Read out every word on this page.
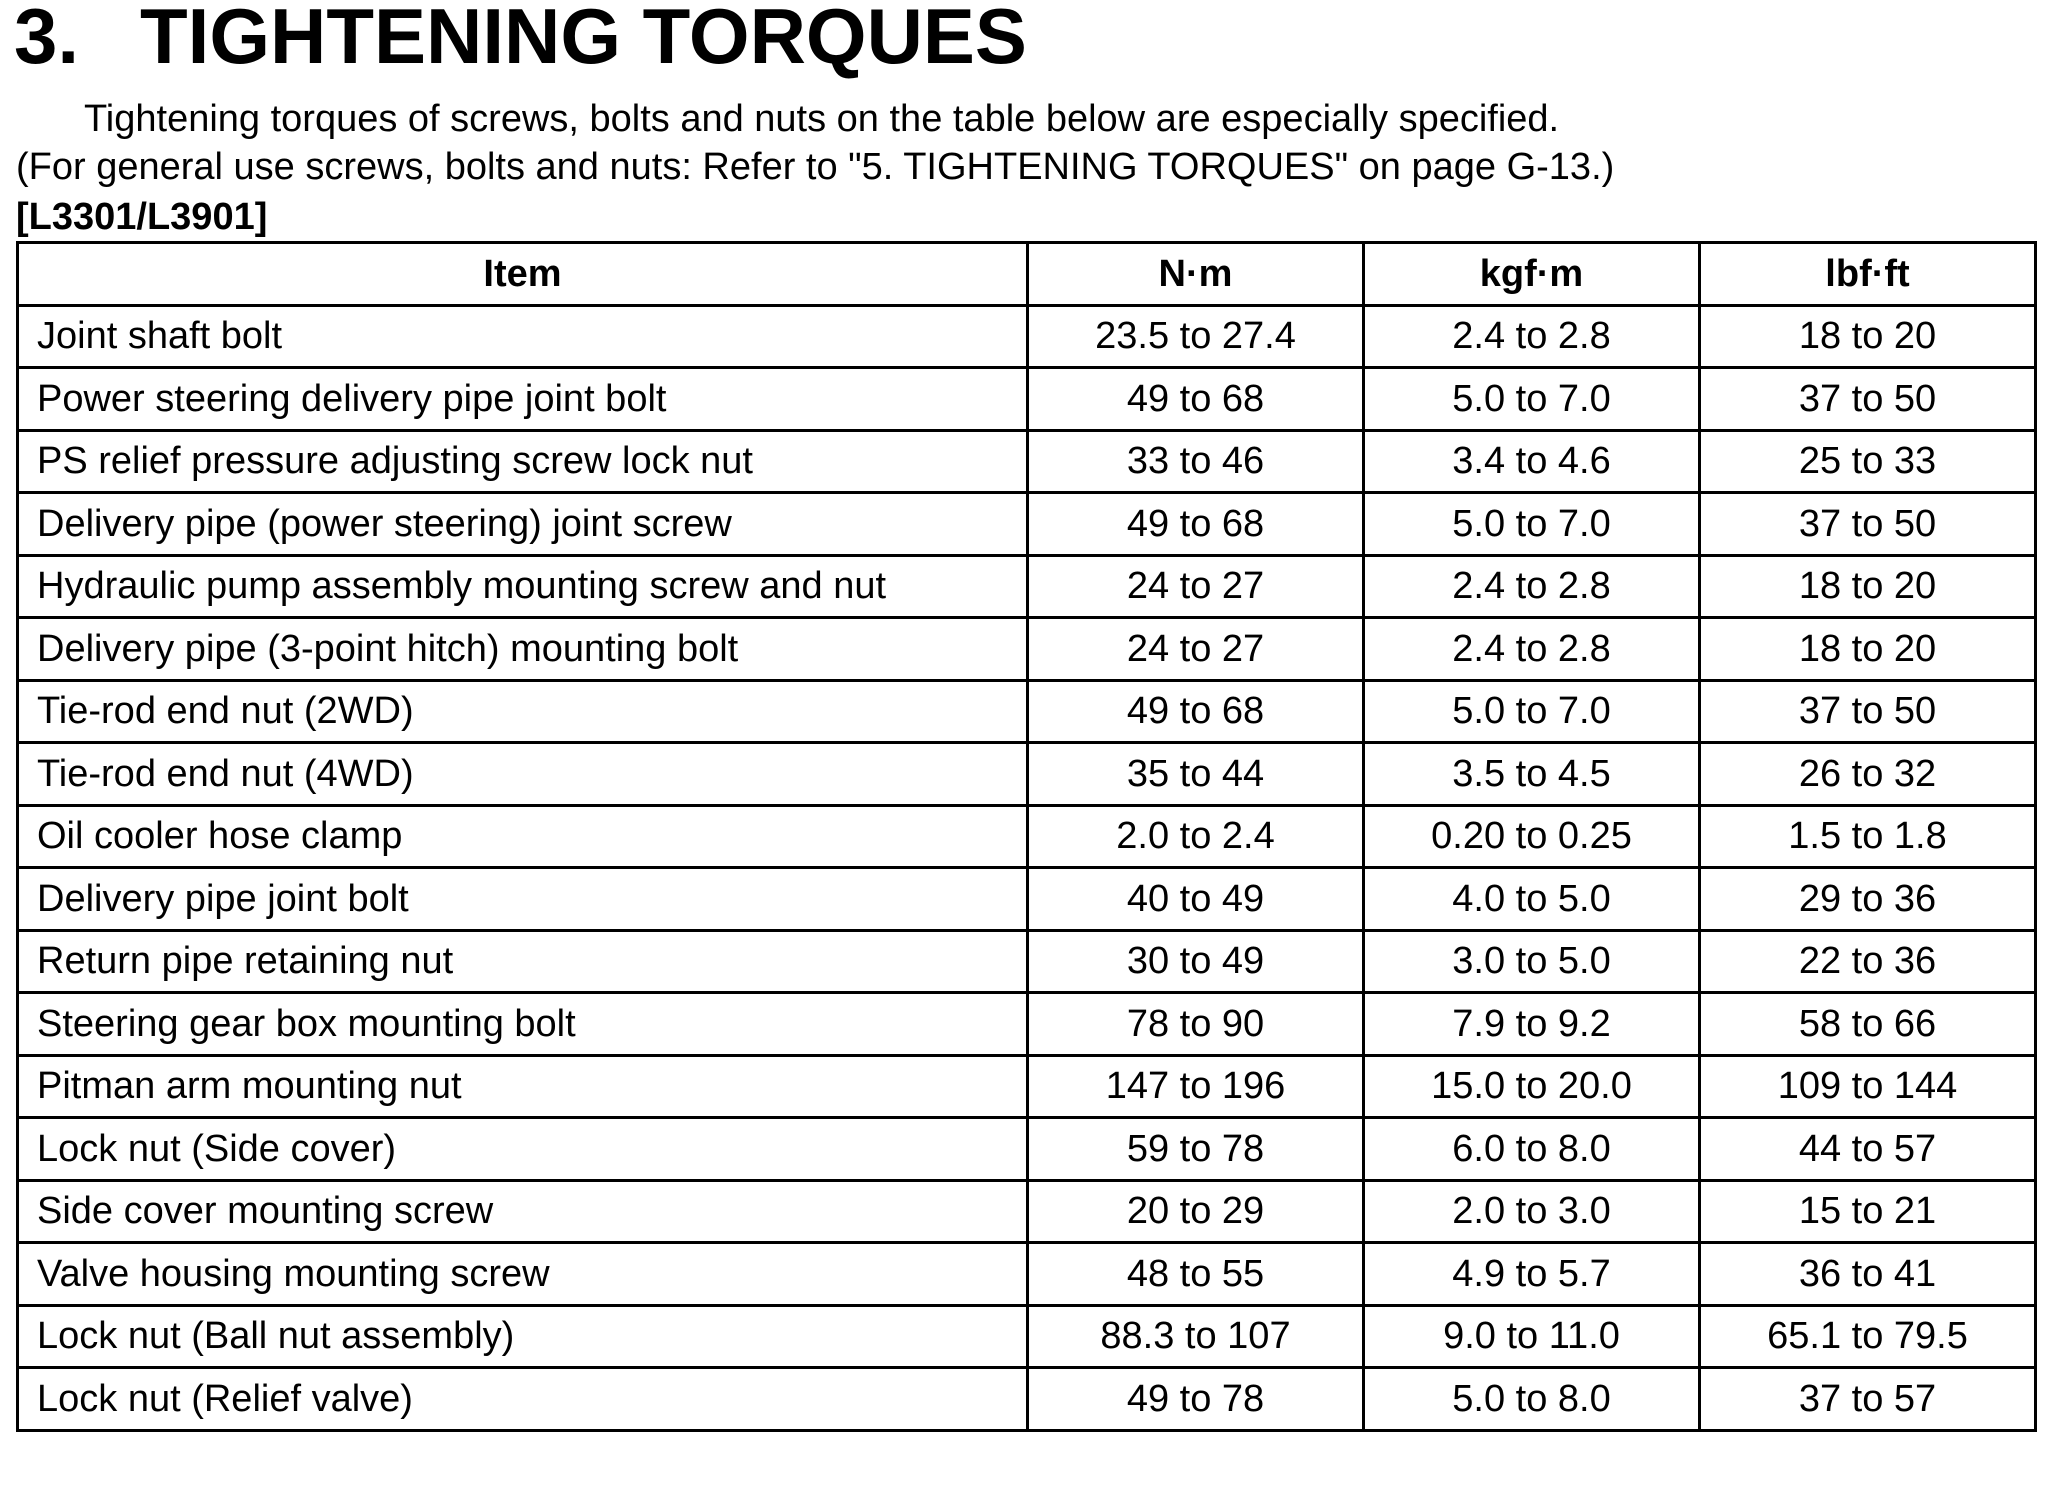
3. TIGHTENING TORQUES

Tightening torques of screws, bolts and nuts on the table below are especially specified.
(For general use screws, bolts and nuts: Refer to "5. TIGHTENING TORQUES" on page G-13.)

[L3301/L3901]

Item	N·m	kgf·m	lbf·ft
Joint shaft bolt	23.5 to 27.4	2.4 to 2.8	18 to 20
Power steering delivery pipe joint bolt	49 to 68	5.0 to 7.0	37 to 50
PS relief pressure adjusting screw lock nut	33 to 46	3.4 to 4.6	25 to 33
Delivery pipe (power steering) joint screw	49 to 68	5.0 to 7.0	37 to 50
Hydraulic pump assembly mounting screw and nut	24 to 27	2.4 to 2.8	18 to 20
Delivery pipe (3-point hitch) mounting bolt	24 to 27	2.4 to 2.8	18 to 20
Tie-rod end nut (2WD)	49 to 68	5.0 to 7.0	37 to 50
Tie-rod end nut (4WD)	35 to 44	3.5 to 4.5	26 to 32
Oil cooler hose clamp	2.0 to 2.4	0.20 to 0.25	1.5 to 1.8
Delivery pipe joint bolt	40 to 49	4.0 to 5.0	29 to 36
Return pipe retaining nut	30 to 49	3.0 to 5.0	22 to 36
Steering gear box mounting bolt	78 to 90	7.9 to 9.2	58 to 66
Pitman arm mounting nut	147 to 196	15.0 to 20.0	109 to 144
Lock nut (Side cover)	59 to 78	6.0 to 8.0	44 to 57
Side cover mounting screw	20 to 29	2.0 to 3.0	15 to 21
Valve housing mounting screw	48 to 55	4.9 to 5.7	36 to 41
Lock nut (Ball nut assembly)	88.3 to 107	9.0 to 11.0	65.1 to 79.5
Lock nut (Relief valve)	49 to 78	5.0 to 8.0	37 to 57
